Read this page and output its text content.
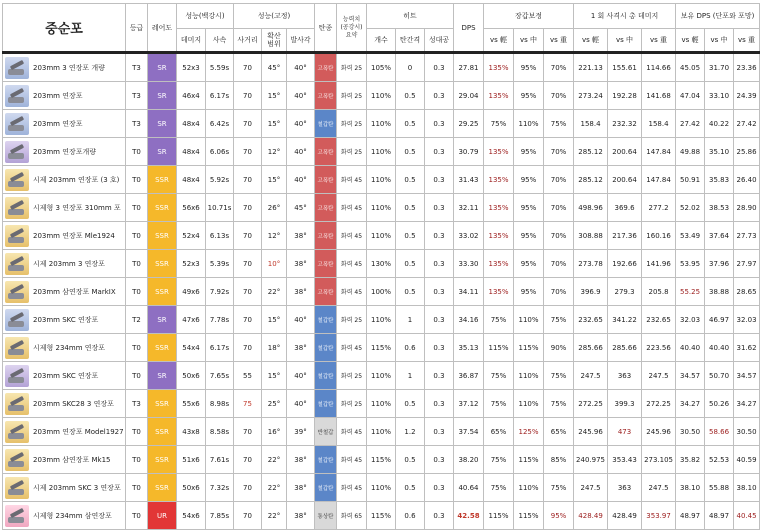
중순포	등급	레어도	성능(백강시)		성능(고정)			탄종	능력치
(공강시)
요약	히트			DPS	장갑보정			1 회 사격시 총 데미지			보유 DPS (단포와 포망)		
			데미지	사속	사거리	확산
범위	발사각			개수	탄간격	성대공		vs 輕	vs 中	vs 重	vs 輕	vs 中	vs 重	vs 輕	vs 中	vs 重

203mm 3 연장포 개량	T3	SR	52x3	5.59s	70	45°	40°	고폭탄	화력 25	105%	0	0.3	27.81	135%	95%	70%	221.13	155.61	114.66	45.05	31.70	23.36

203mm 연장포	T3	SR	46x4	6.17s	70	15°	40°	고폭탄	화력 25	110%	0.5	0.3	29.04	135%	95%	70%	273.24	192.28	141.68	47.04	33.10	24.39

203mm 연장포	T3	SR	48x4	6.42s	70	15°	40°	철갑탄	화력 25	110%	0.5	0.3	29.25	75%	110%	75%	158.4	232.32	158.4	27.42	40.22	27.42

203mm 연장포개량	T0	SR	48x4	6.06s	70	12°	40°	고폭탄	화력 25	110%	0.5	0.3	30.79	135%	95%	70%	285.12	200.64	147.84	49.88	35.10	25.86

시제 203mm 연장포 (3 호)	T0	SSR	48x4	5.92s	70	15°	40°	고폭탄	화력 45	110%	0.5	0.3	31.43	135%	95%	70%	285.12	200.64	147.84	50.91	35.83	26.40

시제형 3 연장포 310mm 포	T0	SSR	56x6	10.71s	70	26°	45°	고폭탄	화력 45	110%	0.5	0.3	32.11	135%	95%	70%	498.96	369.6	277.2	52.02	38.53	28.90

203mm 연장포 Mle1924	T0	SSR	52x4	6.13s	70	12°	38°	고폭탄	화력 45	110%	0.5	0.3	33.02	135%	95%	70%	308.88	217.36	160.16	53.49	37.64	27.73

시제 203mm 3 연장포	T0	SSR	52x3	5.39s	70	10°	38°	고폭탄	화력 45	130%	0.5	0.3	33.30	135%	95%	70%	273.78	192.66	141.96	53.95	37.96	27.97

203mm 삼연장포 MarkIX	T0	SSR	49x6	7.92s	70	22°	38°	고폭탄	화력 45	100%	0.5	0.3	34.11	135%	95%	70%	396.9	279.3	205.8	55.25	38.88	28.65

203mm SKC 연장포	T2	SR	47x6	7.78s	70	15°	40°	철갑탄	화력 25	110%	1	0.3	34.16	75%	110%	75%	232.65	341.22	232.65	32.03	46.97	32.03

시제형 234mm 연장포	T0	SSR	54x4	6.17s	70	18°	38°	철갑탄	화력 45	115%	0.6	0.3	35.13	115%	115%	90%	285.66	285.66	223.56	40.40	40.40	31.62

203mm SKC 연장포	T0	SR	50x6	7.65s	55	15°	40°	철갑탄	화력 25	110%	1	0.3	36.87	75%	110%	75%	247.5	363	247.5	34.57	50.70	34.57

203mm SKC28 3 연장포	T3	SSR	55x6	8.98s	75	25°	40°	철갑탄	화력 25	110%	0.5	0.3	37.12	75%	110%	75%	272.25	399.3	272.25	34.27	50.26	34.27

203mm 연장포 Model1927	T0	SSR	43x8	8.58s	70	16°	39°	반철갑	화력 45	110%	1.2	0.3	37.54	65%	125%	65%	245.96	473	245.96	30.50	58.66	30.50

203mm 삼연장포 Mk15	T0	SSR	51x6	7.61s	70	22°	38°	철갑탄	화력 45	115%	0.5	0.3	38.20	75%	115%	85%	240.975	353.43	273.105	35.82	52.53	40.59

시제 203mm SKC 3 연장포	T0	SSR	50x6	7.32s	70	22°	38°	철갑탄	화력 45	110%	0.5	0.3	40.64	75%	110%	75%	247.5	363	247.5	38.10	55.88	38.10

시제형 234mm 삼연장포	T0	UR	54x6	7.85s	70	22°	38°	통상탄	화력 65	115%	0.6	0.3	42.58	115%	115%	95%	428.49	428.49	353.97	48.97	48.97	40.45
